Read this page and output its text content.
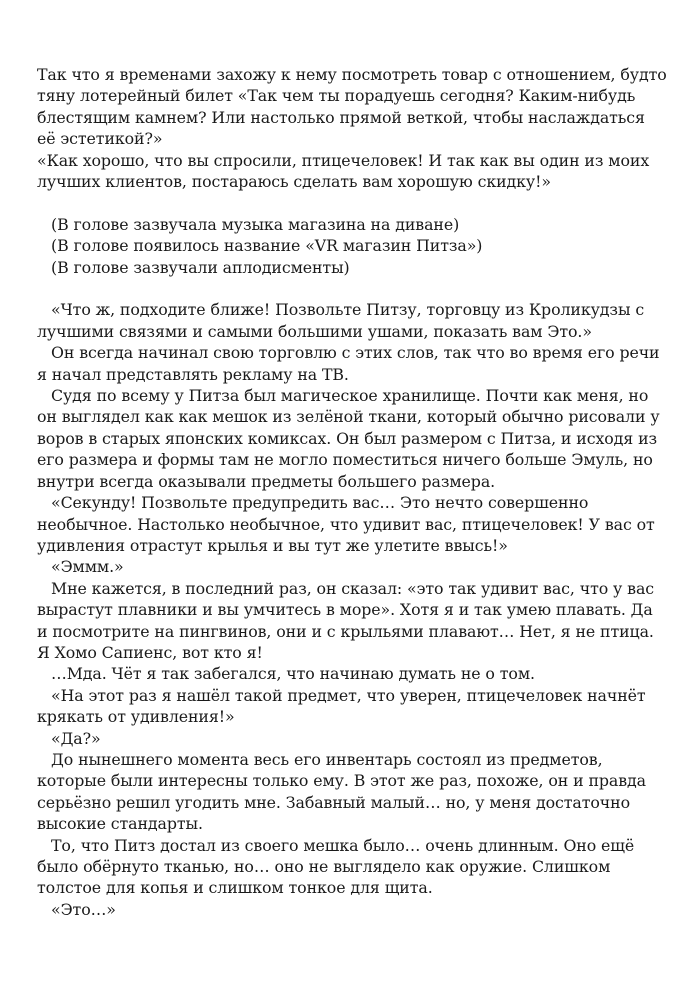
Так что я временами захожу к нему посмотреть товар с отношением, будто тяну лотерейный билет «Так чем ты порадуешь сегодня? Каким-нибудь блестящим камнем? Или настолько прямой веткой, чтобы наслаждаться её эстетикой?»

«Как хорошо, что вы спросили, птицечеловек! И так как вы один из моих лучших клиентов, постараюсь сделать вам хорошую скидку!»

(В голове зазвучала музыка магазина на диване)

(В голове появилось название «VR магазин Питза»)

(В голове зазвучали аплодисменты)

«Что ж, подходите ближе! Позвольте Питзу, торговцу из Кроликудзы с лучшими связями и самыми большими ушами, показать вам Это.»

Он всегда начинал свою торговлю с этих слов, так что во время его речи я начал представлять рекламу на ТВ.

Судя по всему у Питза был магическое хранилище. Почти как меня, но он выглядел как как мешок из зелёной ткани, который обычно рисовали у воров в старых японских комиксах. Он был размером с Питза, и исходя из его размера и формы там не могло поместиться ничего больше Эмуль, но внутри всегда оказывали предметы большего размера.

«Секунду! Позвольте предупредить вас… Это нечто совершенно необычное. Настолько необычное, что удивит вас, птицечеловек! У вас от удивления отрастут крылья и вы тут же улетите ввысь!»

«Эммм.»

Мне кажется, в последний раз, он сказал: «это так удивит вас, что у вас вырастут плавники и вы умчитесь в море». Хотя я и так умею плавать. Да и посмотрите на пингвинов, они и с крыльями плавают… Нет, я не птица. Я Хомо Сапиенс, вот кто я!

…Мда. Чёт я так забегался, что начинаю думать не о том.

«На этот раз я нашёл такой предмет, что уверен, птицечеловек начнёт крякать от удивления!»

«Да?»

До нынешнего момента весь его инвентарь состоял из предметов, которые были интересны только ему. В этот же раз, похоже, он и правда серьёзно решил угодить мне. Забавный малый… но, у меня достаточно высокие стандарты.

То, что Питз достал из своего мешка было… очень длинным. Оно ещё было обёрнуто тканью, но… оно не выглядело как оружие. Слишком толстое для копья и слишком тонкое для щита.

«Это…»
